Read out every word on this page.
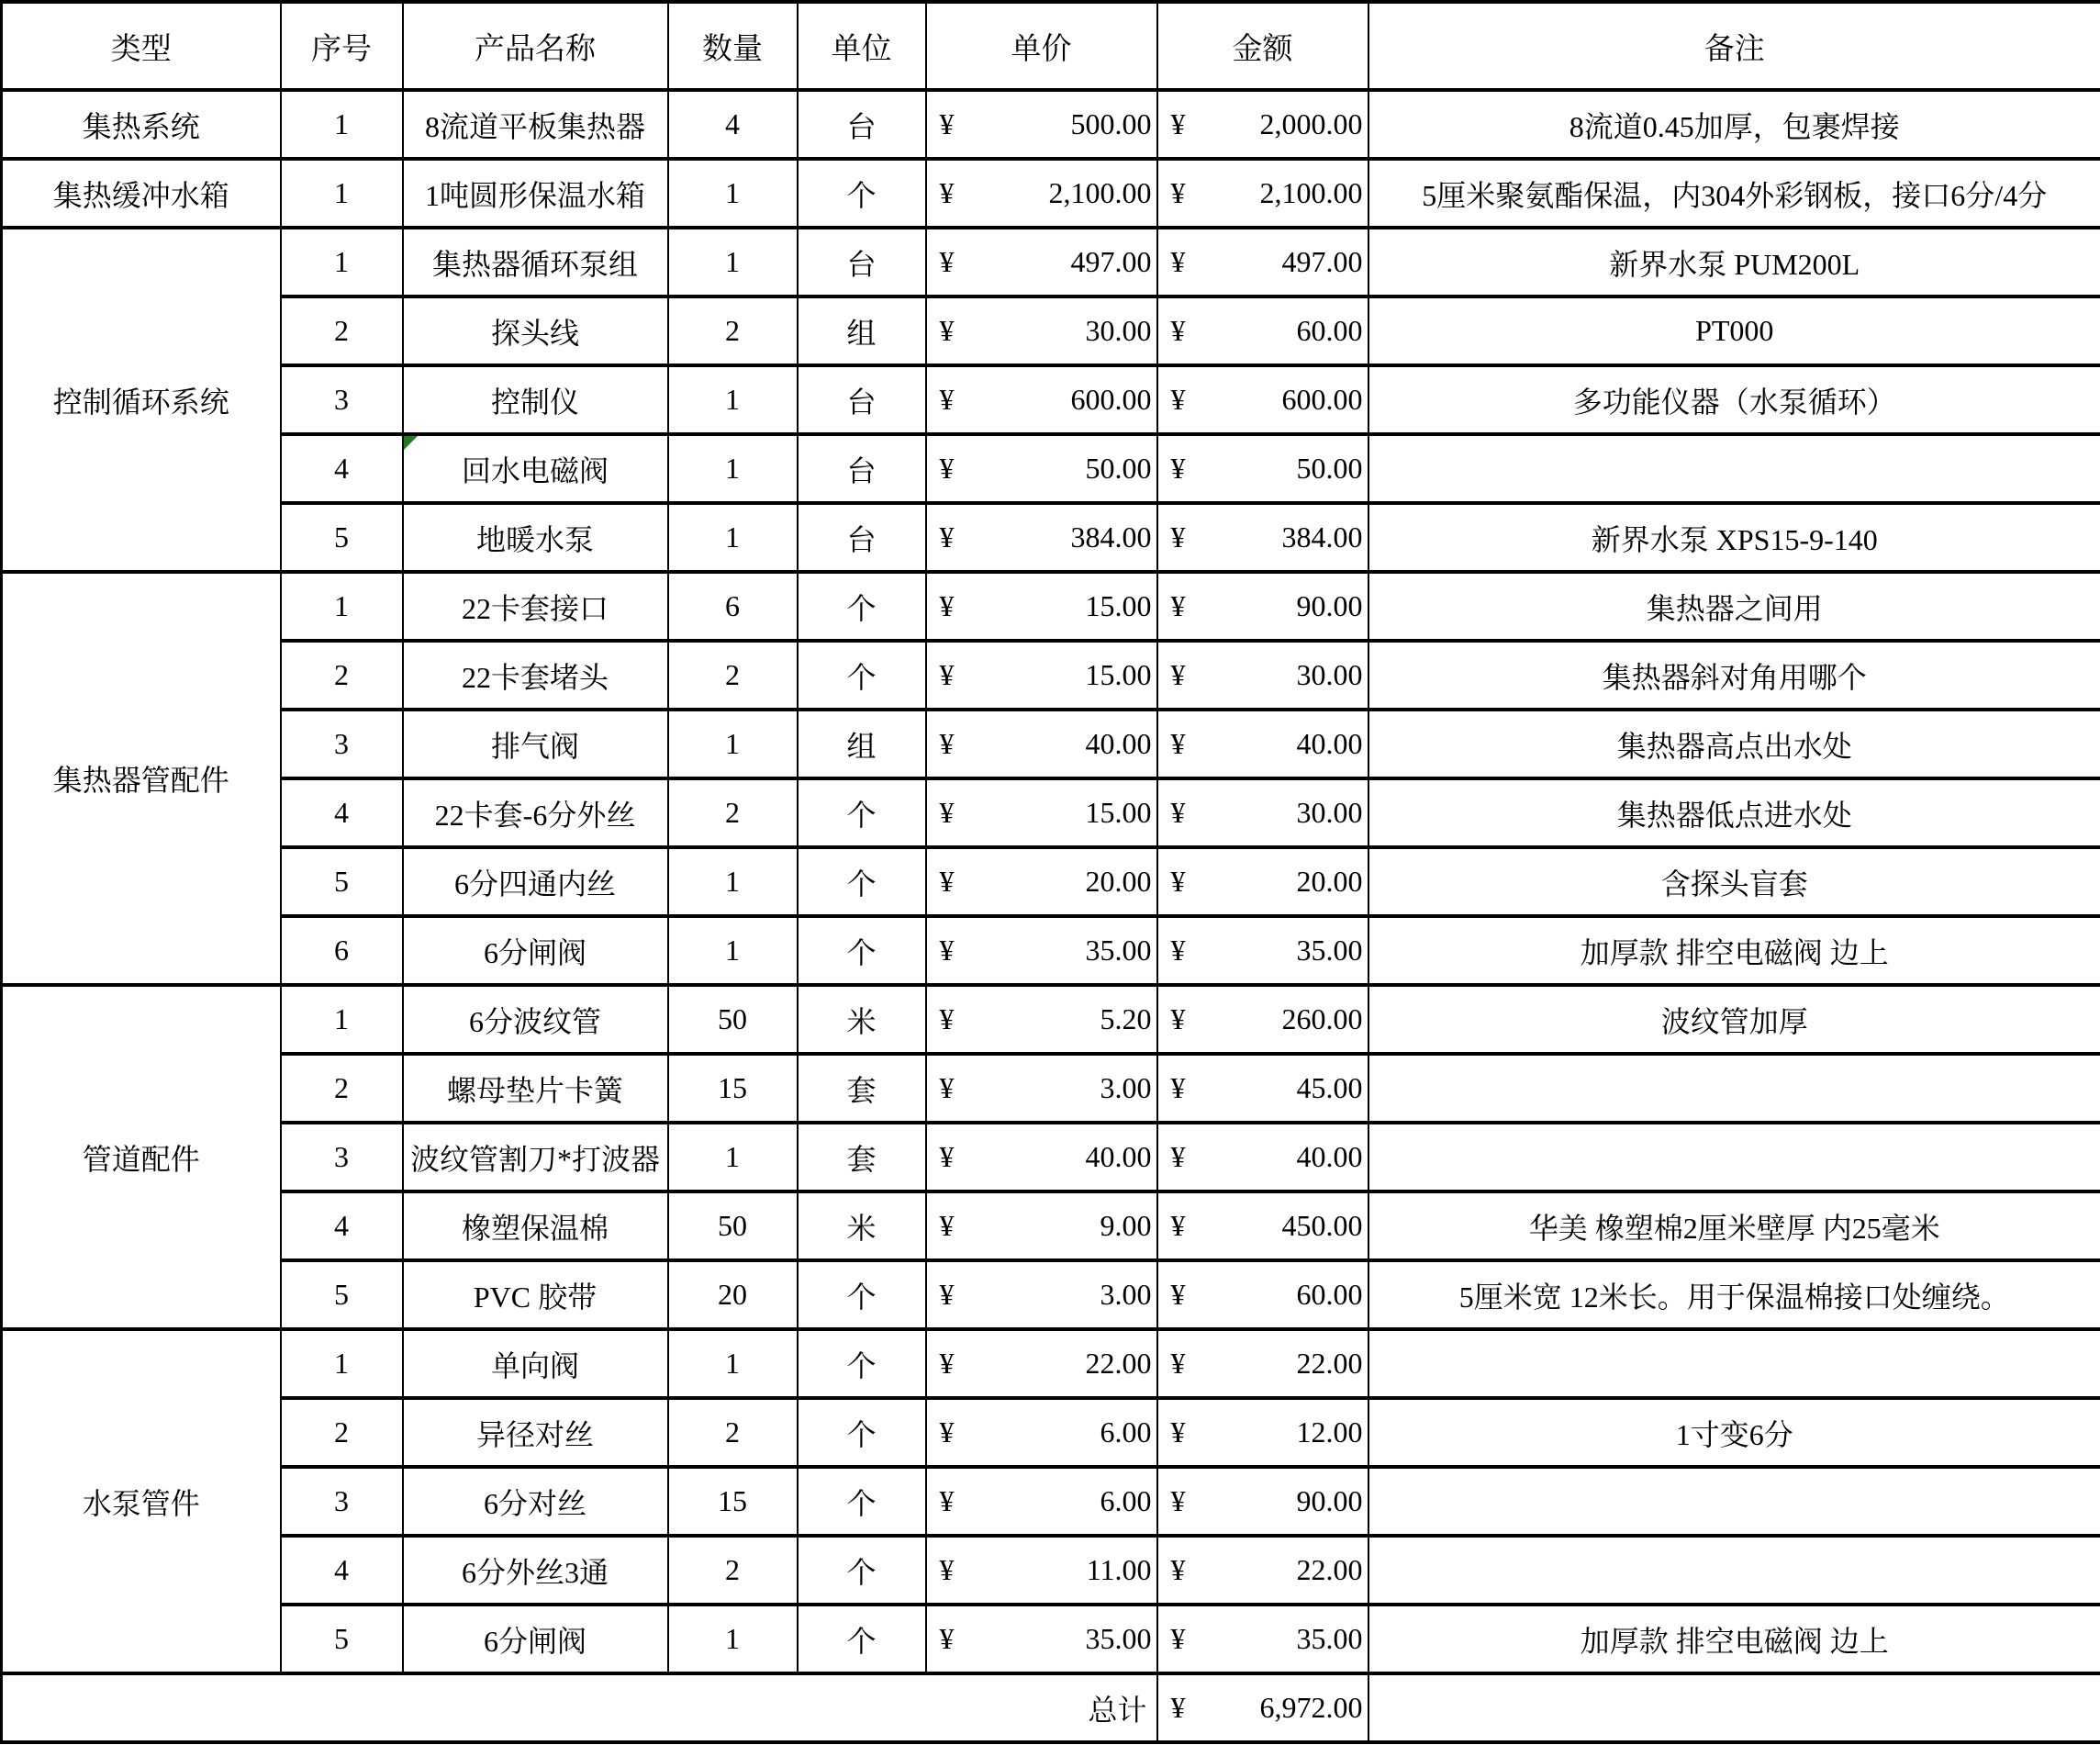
类型	序号	产品名称	数量	单位	单价	金额	备注
集热系统	1	8流道平板集热器	4	台	¥ 500.00	¥ 2,000.00	8流道0.45加厚，包裹焊接
集热缓冲水箱	1	1吨圆形保温水箱	1	个	¥ 2,100.00	¥ 2,100.00	5厘米聚氨酯保温，内304外彩钢板，接口6分/4分
控制循环系统	1	集热器循环泵组	1	台	¥ 497.00	¥ 497.00	新界水泵 PUM200L
	2	探头线	2	组	¥ 30.00	¥ 60.00	PT000
	3	控制仪	1	台	¥ 600.00	¥ 600.00	多功能仪器（水泵循环）
	4	回水电磁阀	1	台	¥ 50.00	¥ 50.00	

	5	地暖水泵	1	台	¥ 384.00	¥ 384.00	新界水泵 XPS15-9-140
集热器管配件	1	22卡套接口	6	个	¥ 15.00	¥ 90.00	集热器之间用
	2	22卡套堵头	2	个	¥ 15.00	¥ 30.00	集热器斜对角用哪个
	3	排气阀	1	组	¥ 40.00	¥ 40.00	集热器高点出水处
	4	22卡套-6分外丝	2	个	¥ 15.00	¥ 30.00	集热器低点进水处
	5	6分四通内丝	1	个	¥ 20.00	¥ 20.00	含探头盲套
	6	6分闸阀	1	个	¥ 35.00	¥ 35.00	加厚款 排空电磁阀 边上
管道配件	1	6分波纹管	50	米	¥ 5.20	¥ 260.00	波纹管加厚
	2	螺母垫片卡簧	15	套	¥ 3.00	¥ 45.00	

	3	波纹管割刀*打波器	1	套	¥ 40.00	¥ 40.00	

	4	橡塑保温棉	50	米	¥ 9.00	¥ 450.00	华美 橡塑棉2厘米壁厚 内25毫米
	5	PVC 胶带	20	个	¥ 3.00	¥ 60.00	5厘米宽 12米长。用于保温棉接口处缠绕。
水泵管件	1	单向阀	1	个	¥ 22.00	¥ 22.00	

	2	异径对丝	2	个	¥ 6.00	¥ 12.00	1寸变6分
	3	6分对丝	15	个	¥ 6.00	¥ 90.00	

	4	6分外丝3通	2	个	¥ 11.00	¥ 22.00	

	5	6分闸阀	1	个	¥ 35.00	¥ 35.00	加厚款 排空电磁阀 边上
总计						¥ 6,972.00	
